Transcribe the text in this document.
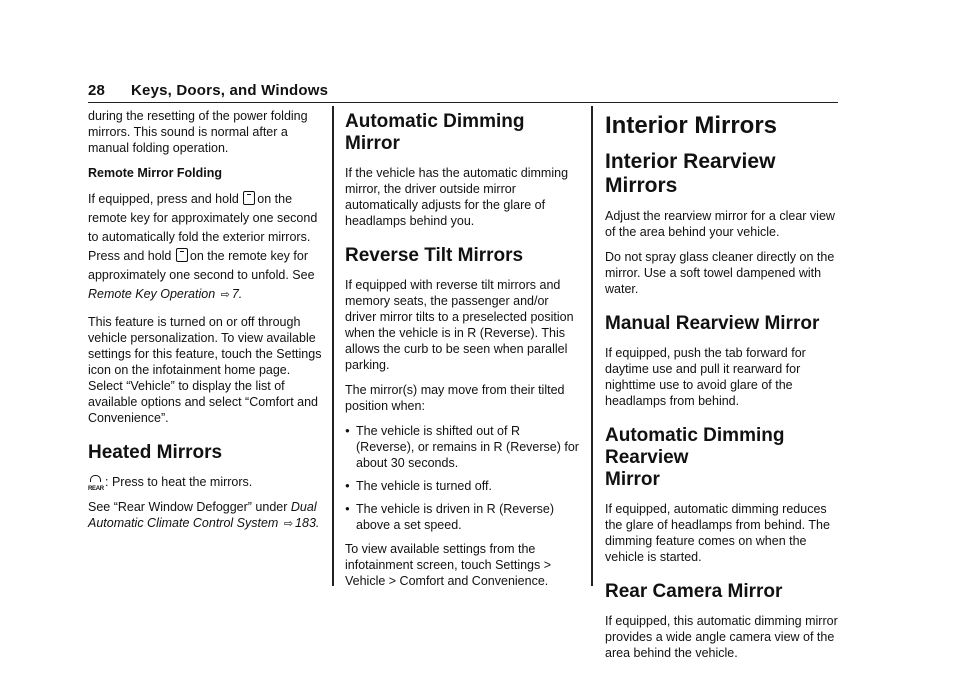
28 Keys, Doors, and Windows

during the resetting of the power folding mirrors. This sound is normal after a manual folding operation.

Remote Mirror Folding

If equipped, press and hold on the remote key for approximately one second to automatically fold the exterior mirrors. Press and hold on the remote key for approximately one second to unfold. See Remote Key Operation ⇨ 7.

This feature is turned on or off through vehicle personalization. To view available settings for this feature, touch the Settings icon on the infotainment home page. Select “Vehicle” to display the list of available options and select “Comfort and Convenience”.

Heated Mirrors

REAR : Press to heat the mirrors.

See “Rear Window Defogger” under Dual Automatic Climate Control System ⇨ 183.

Automatic Dimming Mirror

If the vehicle has the automatic dimming mirror, the driver outside mirror automatically adjusts for the glare of headlamps behind you.

Reverse Tilt Mirrors

If equipped with reverse tilt mirrors and memory seats, the passenger and/or driver mirror tilts to a preselected position when the vehicle is in R (Reverse). This allows the curb to be seen when parallel parking.

The mirror(s) may move from their tilted position when:

● The vehicle is shifted out of R (Reverse), or remains in R (Reverse) for about 30 seconds.
● The vehicle is turned off.
● The vehicle is driven in R (Reverse) above a set speed.

To view available settings from the infotainment screen, touch Settings > Vehicle > Comfort and Convenience.

Interior Mirrors
Interior Rearview Mirrors

Adjust the rearview mirror for a clear view of the area behind your vehicle.

Do not spray glass cleaner directly on the mirror. Use a soft towel dampened with water.

Manual Rearview Mirror

If equipped, push the tab forward for daytime use and pull it rearward for nighttime use to avoid glare of the headlamps from behind.

Automatic Dimming Rearview
Mirror

If equipped, automatic dimming reduces the glare of headlamps from behind. The dimming feature comes on when the vehicle is started.

Rear Camera Mirror

If equipped, this automatic dimming mirror provides a wide angle camera view of the area behind the vehicle.
